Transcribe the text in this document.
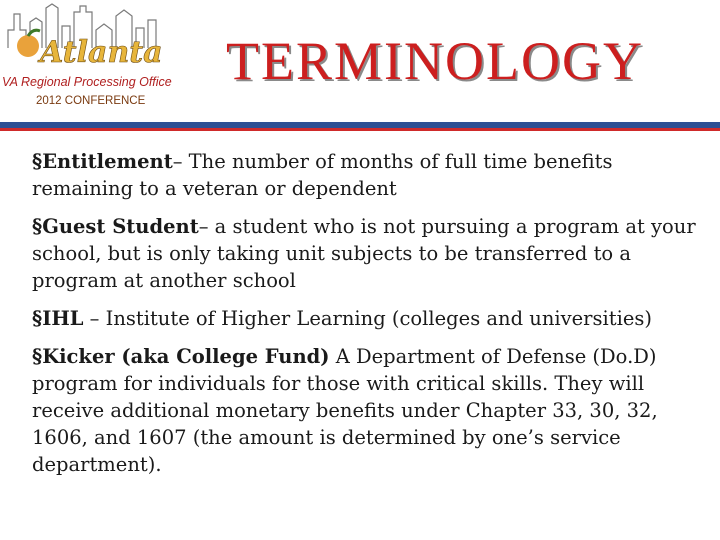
Atlanta
VA Regional Processing Office
2012 CONFERENCE
TERMINOLOGY

§Entitlement– The number of months of full time benefits remaining to a veteran or dependent

§Guest Student– a student who is not pursuing a program at your school, but is only taking unit subjects to be transferred to a program at another school

§IHL – Institute of Higher Learning (colleges and universities)

§Kicker (aka College Fund) A Department of Defense (Do.D) program for individuals for those with critical skills. They will receive additional monetary benefits under Chapter 33, 30, 32, 1606, and 1607 (the amount is determined by one’s service department).
